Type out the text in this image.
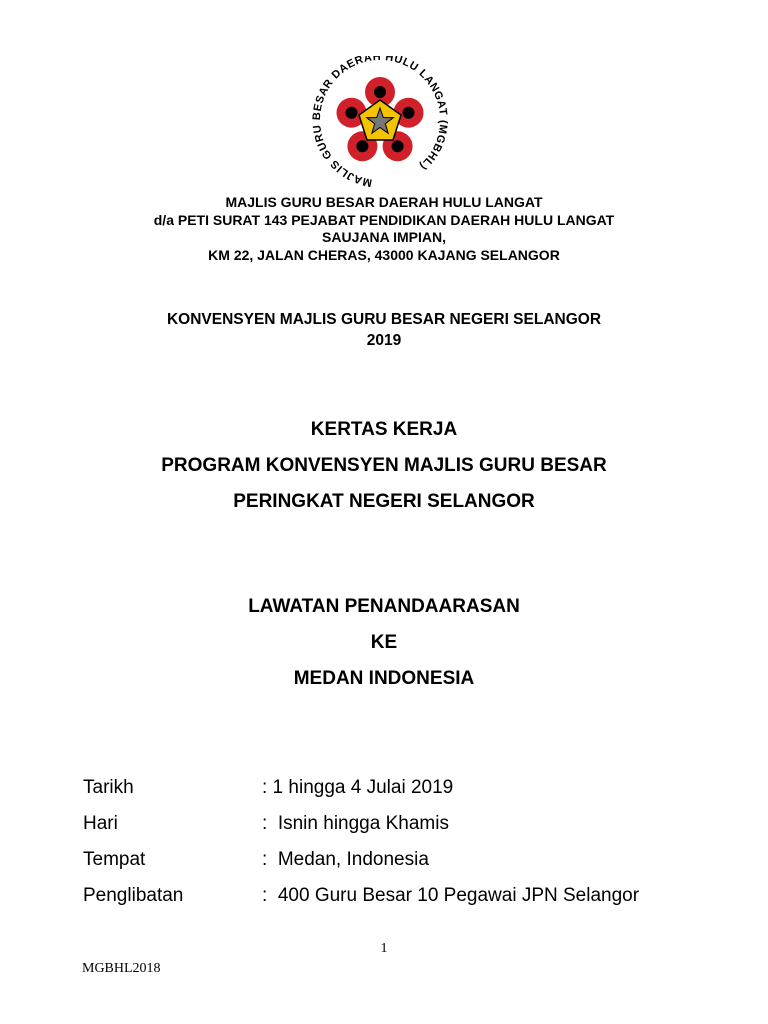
MAJLIS GURU BESAR DAERAH HULU LANGAT (MGBHL)
MAJLIS GURU BESAR DAERAH HULU LANGAT
d/a PETI SURAT 143 PEJABAT PENDIDIKAN DAERAH HULU LANGAT
SAUJANA IMPIAN,
KM 22, JALAN CHERAS, 43000 KAJANG SELANGOR
KONVENSYEN MAJLIS GURU BESAR NEGERI SELANGOR
2019
KERTAS KERJA
PROGRAM KONVENSYEN MAJLIS GURU BESAR
PERINGKAT NEGERI SELANGOR
LAWATAN PENANDAARASAN
KE
MEDAN INDONESIA
Tarikh	: 1 hingga 4 Julai 2019
Hari	:  Isnin hingga Khamis
Tempat	:  Medan, Indonesia
Penglibatan	:  400 Guru Besar 10 Pegawai JPN Selangor
1
MGBHL2018
